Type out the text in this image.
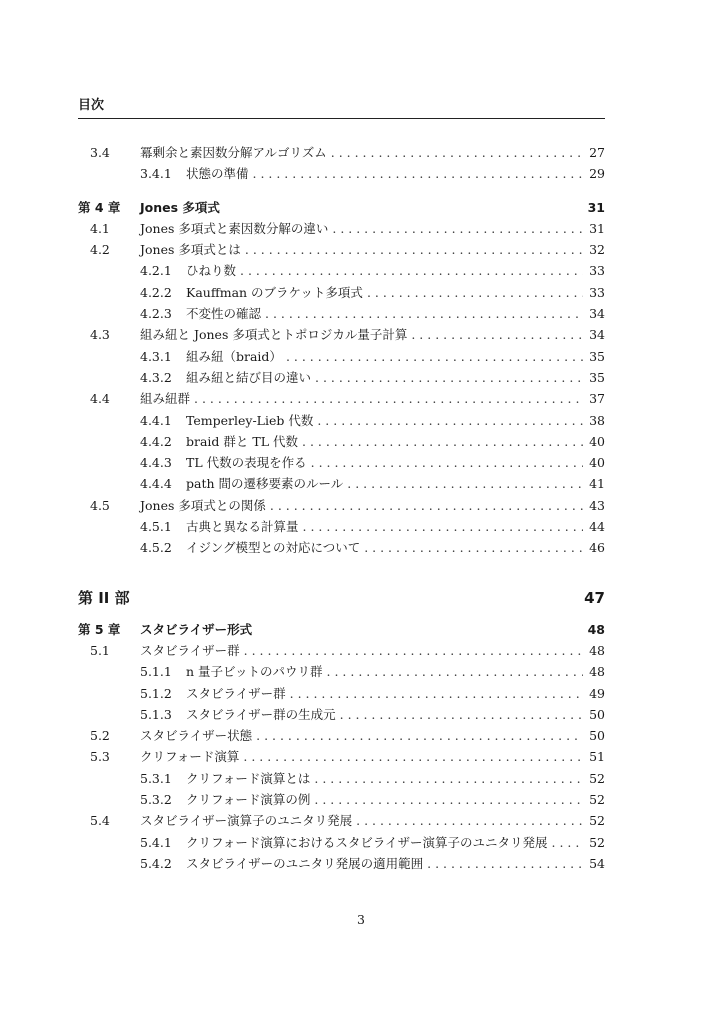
目次
3.4 冪剰余と素因数分解アルゴリズム . . .	27
3.4.1 状態の準備 . . .	29
第 4 章 Jones 多項式	31
4.1 Jones 多項式と素因数分解の違い . . .	31
4.2 Jones 多項式とは . . .	32
4.2.1 ひねり数 . . .	33
4.2.2 Kauffman のブラケット多項式 . . .	33
4.2.3 不変性の確認 . . .	34
4.3 組み紐と Jones 多項式とトポロジカル量子計算 . . .	34
4.3.1 組み紐（braid） . . .	35
4.3.2 組み紐と結び目の違い . . .	35
4.4 組み紐群 . . .	37
4.4.1 Temperley-Lieb 代数 . . .	38
4.4.2 braid 群と TL 代数 . . .	40
4.4.3 TL 代数の表現を作る . . .	40
4.4.4 path 間の遷移要素のルール . . .	41
4.5 Jones 多項式との関係 . . .	43
4.5.1 古典と異なる計算量 . . .	44
4.5.2 イジング模型との対応について . . .	46
第 II 部	47
第 5 章 スタビライザー形式	48
5.1 スタビライザー群 . . .	48
5.1.1 n 量子ビットのパウリ群 . . .	48
5.1.2 スタビライザー群 . . .	49
5.1.3 スタビライザー群の生成元 . . .	50
5.2 スタビライザー状態 . . .	50
5.3 クリフォード演算 . . .	51
5.3.1 クリフォード演算とは . . .	52
5.3.2 クリフォード演算の例 . . .	52
5.4 スタビライザー演算子のユニタリ発展 . . .	52
5.4.1 クリフォード演算におけるスタビライザー演算子のユニタリ発展 . . .	52
5.4.2 スタビライザーのユニタリ発展の適用範囲 . . .	54
3
